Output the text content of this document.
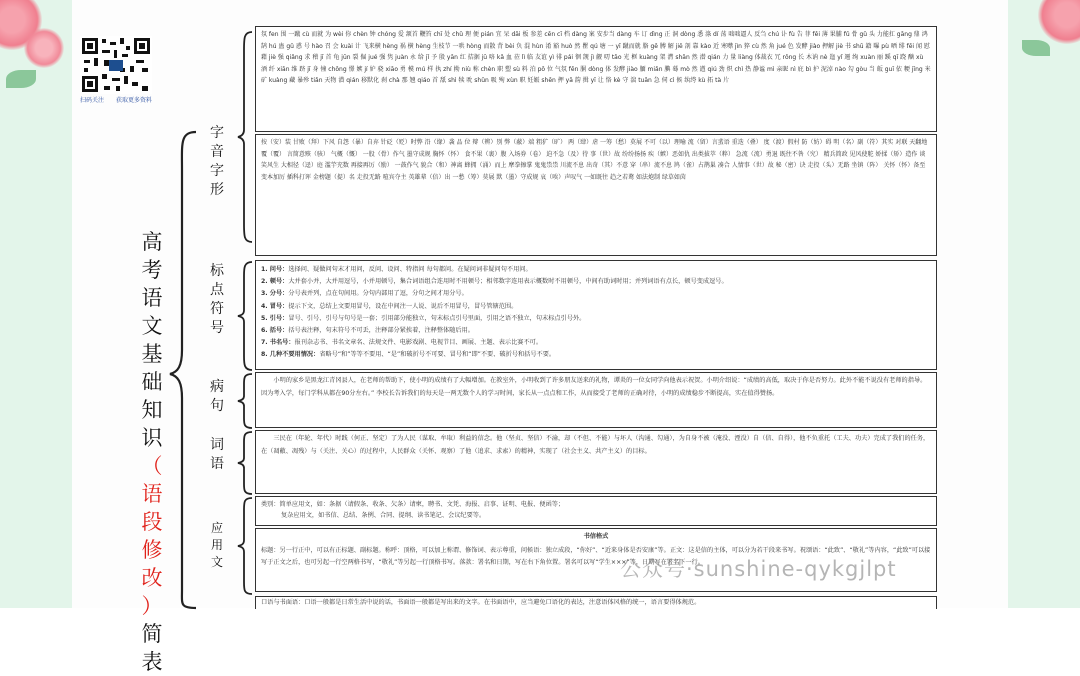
扫码关注 获取更多资料
高
考
语
文
基
础
知
识
（
语
段
修
改
）
简
表
字
音
字
形
标
点
符
号
病
句
词
语
应
用
文
氛 fen 围 一蹴 cù 而就 为 wèi 你 chèn 钟 chóng 爱 颔首 鞭笞 chī 处 chǔ 理 便 pián 宜 呆 dāi 板 参差 cēn cī 档 dàng 案 安步当 dàng 车 订 dìng 正 洞 dòng 悉 涤 dí 荡 咄咄逼人 反刍 chú 讣 fù 告 菲 fěi 薄 果脯 fǔ 骨 gǔ 头 力能扛 gāng 鼎 鸿鹄 hú 蛊 gǔ 惑 号 hào 召 会 kuài 计 飞来横 hèng 祸 横 hèng 生枝节 一哄 hòng 而散 背 bèi 负 混 hùn 淆 豁 huò 然 瞿 qú 塘 一 yī 蹴而就 胳 gē 膊 解 jiě 剖 靠 kào 近 寒噤 jìn 猝 cù 然 角 jué 色 发酵 jiào 押解 jiè 书 shū 籍 曝 pù 晒 绯 fēi 闻 慰藉 jiè 强 qiǎng 求 稽 jī 首 龟 jūn 裂 倔 jué 强 隽 juàn 永 给 jǐ 予 殷 yān 红 拮据 jū 咯 kǎ 血 莅 lì 临 友谊 yì 徘 pái 徊 觊 jì 觎 叨 tāo 光 框 kuàng 架 潸 shān 然 潜 qián 力 量 liàng 体裁衣 冗 rǒng 长 木讷 nè 迤 yǐ 逦 绚 xuàn 丽 蹊 qī 跷 酗 xù 酒 纤 xiān 维 跻 jī 身 憧 chōng 憬 嫉 jí 妒 骁 xiāo 勇 模 mú 样 执 zhí 拗 niù 称 chèn 职 塑 sù 料 泊 pō 位 气氛 fēn 胴 dòng 体 发酵 jiào 腼 miǎn 腆 蓦 mò 然 遒 qiú 劲 炽 chì 热 静谧 mì 亲昵 nì 庇 bì 护 泥淖 nào 勾 gòu 当 皈 guī 依 粳 jīng 米 矿 kuàng 藏 暴殄 tiǎn 天物 潜 qián 移默化 刹 chà 那 翘 qiáo 首 舐 shì 犊 吮 shǔn 吸 殉 xùn 职 妊娠 shēn 押 yā 韵 揖 yī 让 恪 kè 守 湍 tuān 急 伺 cì 候 纨绔 kù 拓 tà 片
按（安）装 甘败（拜）下风 自怨（暴）自弃 针砭（贬）时弊 沿（缘）袭 品 位 辩（辨）别 弊（蔽）端 粗犷（旷） 两（肆）虐 一筹（愁）莫展 不可（以）理喻 流（留）言蜚语 重迭（叠） 度（渡）假村 防（妨）碍 明（名）副（符）其实 对联 天翻地覆（覆） 言简意赅（骇） 气概（慨） 一股（骨）作气 墨守成规 胸怀（怀） 食不果（裹）腹 入场券（卷） 迫不急（及）待 事（世）故 纷纷扬扬 疾（嫉）恶如仇 出类拔萃（粹） 急流（流）勇退 既往不咎（究） 精兵简政 见风使舵 娇揉（矫）造作 谈笑风生 大相径（迳）庭 滥竽充数 再接再厉（励） 一鼓作气 貌合（和）神离 蜂拥（涌）而上 摩拳擦掌 鬼鬼祟祟 川流不息 出奇（其）不意 穿（串）流不息 鸠（雀）占鹊巢 凑合 人情事（世）故 秘（密）诀 走投（头）无路 坐镇（阵） 关怀（怀）备至 变本加厉 插科打诨 金榜题（提）名 走投无路 喧宾夺主 英雄辈（倍）出 一愁（筹）莫展 默（墨）守成规 哀（唉）声叹气 一如既往 趋之若鹜 如法炮制 绿草如茵
1. 问号：选择问、疑做问句末才用问，反问、设问、特指问 每句都问。在疑问词非疑问句不用问。
2. 顿号：大并套小并，大并用逗号，小并用顿号，集合词语组合连用时不用顿号；相邻数字连用表示概数时不用顿号，中间有助词时用；并列词语有点长，顿号变成逗号。
3. 分号：分号表并列，点在句间用。分句内部用了逗，分句之间才用分号。
4. 冒号：提示下文，总结上文要用冒号，设在中间注一人说、说后不用冒号，冒号管辖范围。
5. 引号：冒号、引号、引号与句号是一套；引用部分能独立，句末标点引号里面，引用之语不独立，句末标点引号外。
6. 括号：括号表注释，句末符号不可丢，注释部分紧挨着，注释整体随后用。
7. 书名号：报刊杂志书、书名文章名、法规文件、电影戏剧、电视节目、画展、主题、表示比赛不可。
8. 几种不要用情况：省略号“和”等等不要用、“是”和破折号不可要、冒号和“即”不要、破折号和括号不要。
小明的家乡是黑龙江青冈县人，在老师的帮助下，使小明的成绩有了大幅增加。在教室外，小明收到了许多朋友送来的礼物，谭炎的一位女同学向他表示祝贺。小明介绍说：“成绩的高低，取决于你是否努力。此外不能不说没有老师的指导。因为考入学，每门学科从都在90分左右。” 李校长告诉我们的每天是一两无数个人的学习时间，家长从一点点和工作，从而接受了老师的正确对待，小明的成绩稳步不断提高，实在值得赞扬。
三民在（年轮、年代）时践（何正、坚定）了为人民（谋取、牟取）利益的信念。他（坚贞、坚信）不渝，却（不但、不能）与坏人（沟通、勾通），为自身不被（淹没、湮没）自（信、自得），他不负重托（工夫、功夫）完成了我们的任务，在（凋敝、凋残）与（关注、关心）的过程中，人民群众（关怀、观察）了他（追求、求索）的精神，实现了（社会主义、共产主义）的目标。
类别：简单应用文，如：条据（请假条、收条、欠条）请柬，聘书、文凭、海报、启事、证明、电报、便函等；
复杂应用文，如书信、总结、条例、合同、提纲、读书笔记、会议纪要等。
书信格式
标题：另一行正中，可以有正标题、副标题。称呼：顶格，可以加上称谓、修饰词、表示尊重，问候语：独立成段，“你好”、“近来身体是否安康”等。正文：这是信的主体，可以分为若干段来书写。祝颂语：“此致”、“敬礼”等内容，“此致”可以接写于正文之后，也可另起一行空两格书写，“敬礼”等另起一行顶格书写。落款：署名和日期，写在右下角位置。署名可以写“学生×××”等，日期写在署名下一行。
口语与书面语：口语一般都是日常生活中说的话，书面语一般都是写出来的文字。在书面语中，应当避免口语化的表达，注意语体风格的统一，语言要得体规范。
公众号·sunshine-qykgjlpt
